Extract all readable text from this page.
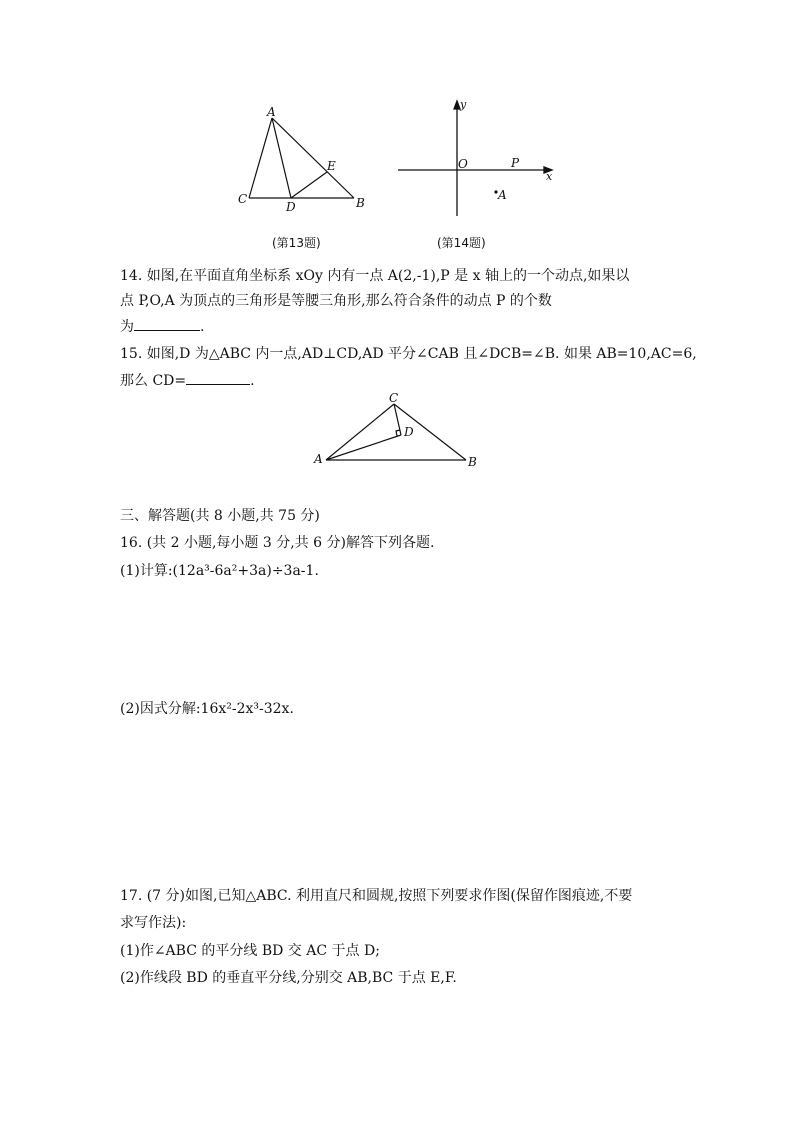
A
C
D	B
E
(第13题)
y
x
O	P
A
(第14题)
14. 如图,在平面直角坐标系 xOy 内有一点 A(2,-1),P 是 x 轴上的一个动点,如果以
点 P,O,A 为顶点的三角形是等腰三角形,那么符合条件的动点 P 的个数
为	.
15. 如图,D 为△ABC 内一点,AD⊥CD,AD 平分∠CAB 且∠DCB=∠B. 如果 AB=10,AC=6,
那么 CD=	.
A	B
C
D
三、解答题(共 8 小题,共 75 分)
16. (共 2 小题,每小题 3 分,共 6 分)解答下列各题.
(1)计算:(12a³-6a²+3a)÷3a-1.
(2)因式分解:16x²-2x³-32x.
17. (7 分)如图,已知△ABC. 利用直尺和圆规,按照下列要求作图(保留作图痕迹,不要
求写作法):
(1)作∠ABC 的平分线 BD 交 AC 于点 D;
(2)作线段 BD 的垂直平分线,分别交 AB,BC 于点 E,F.
